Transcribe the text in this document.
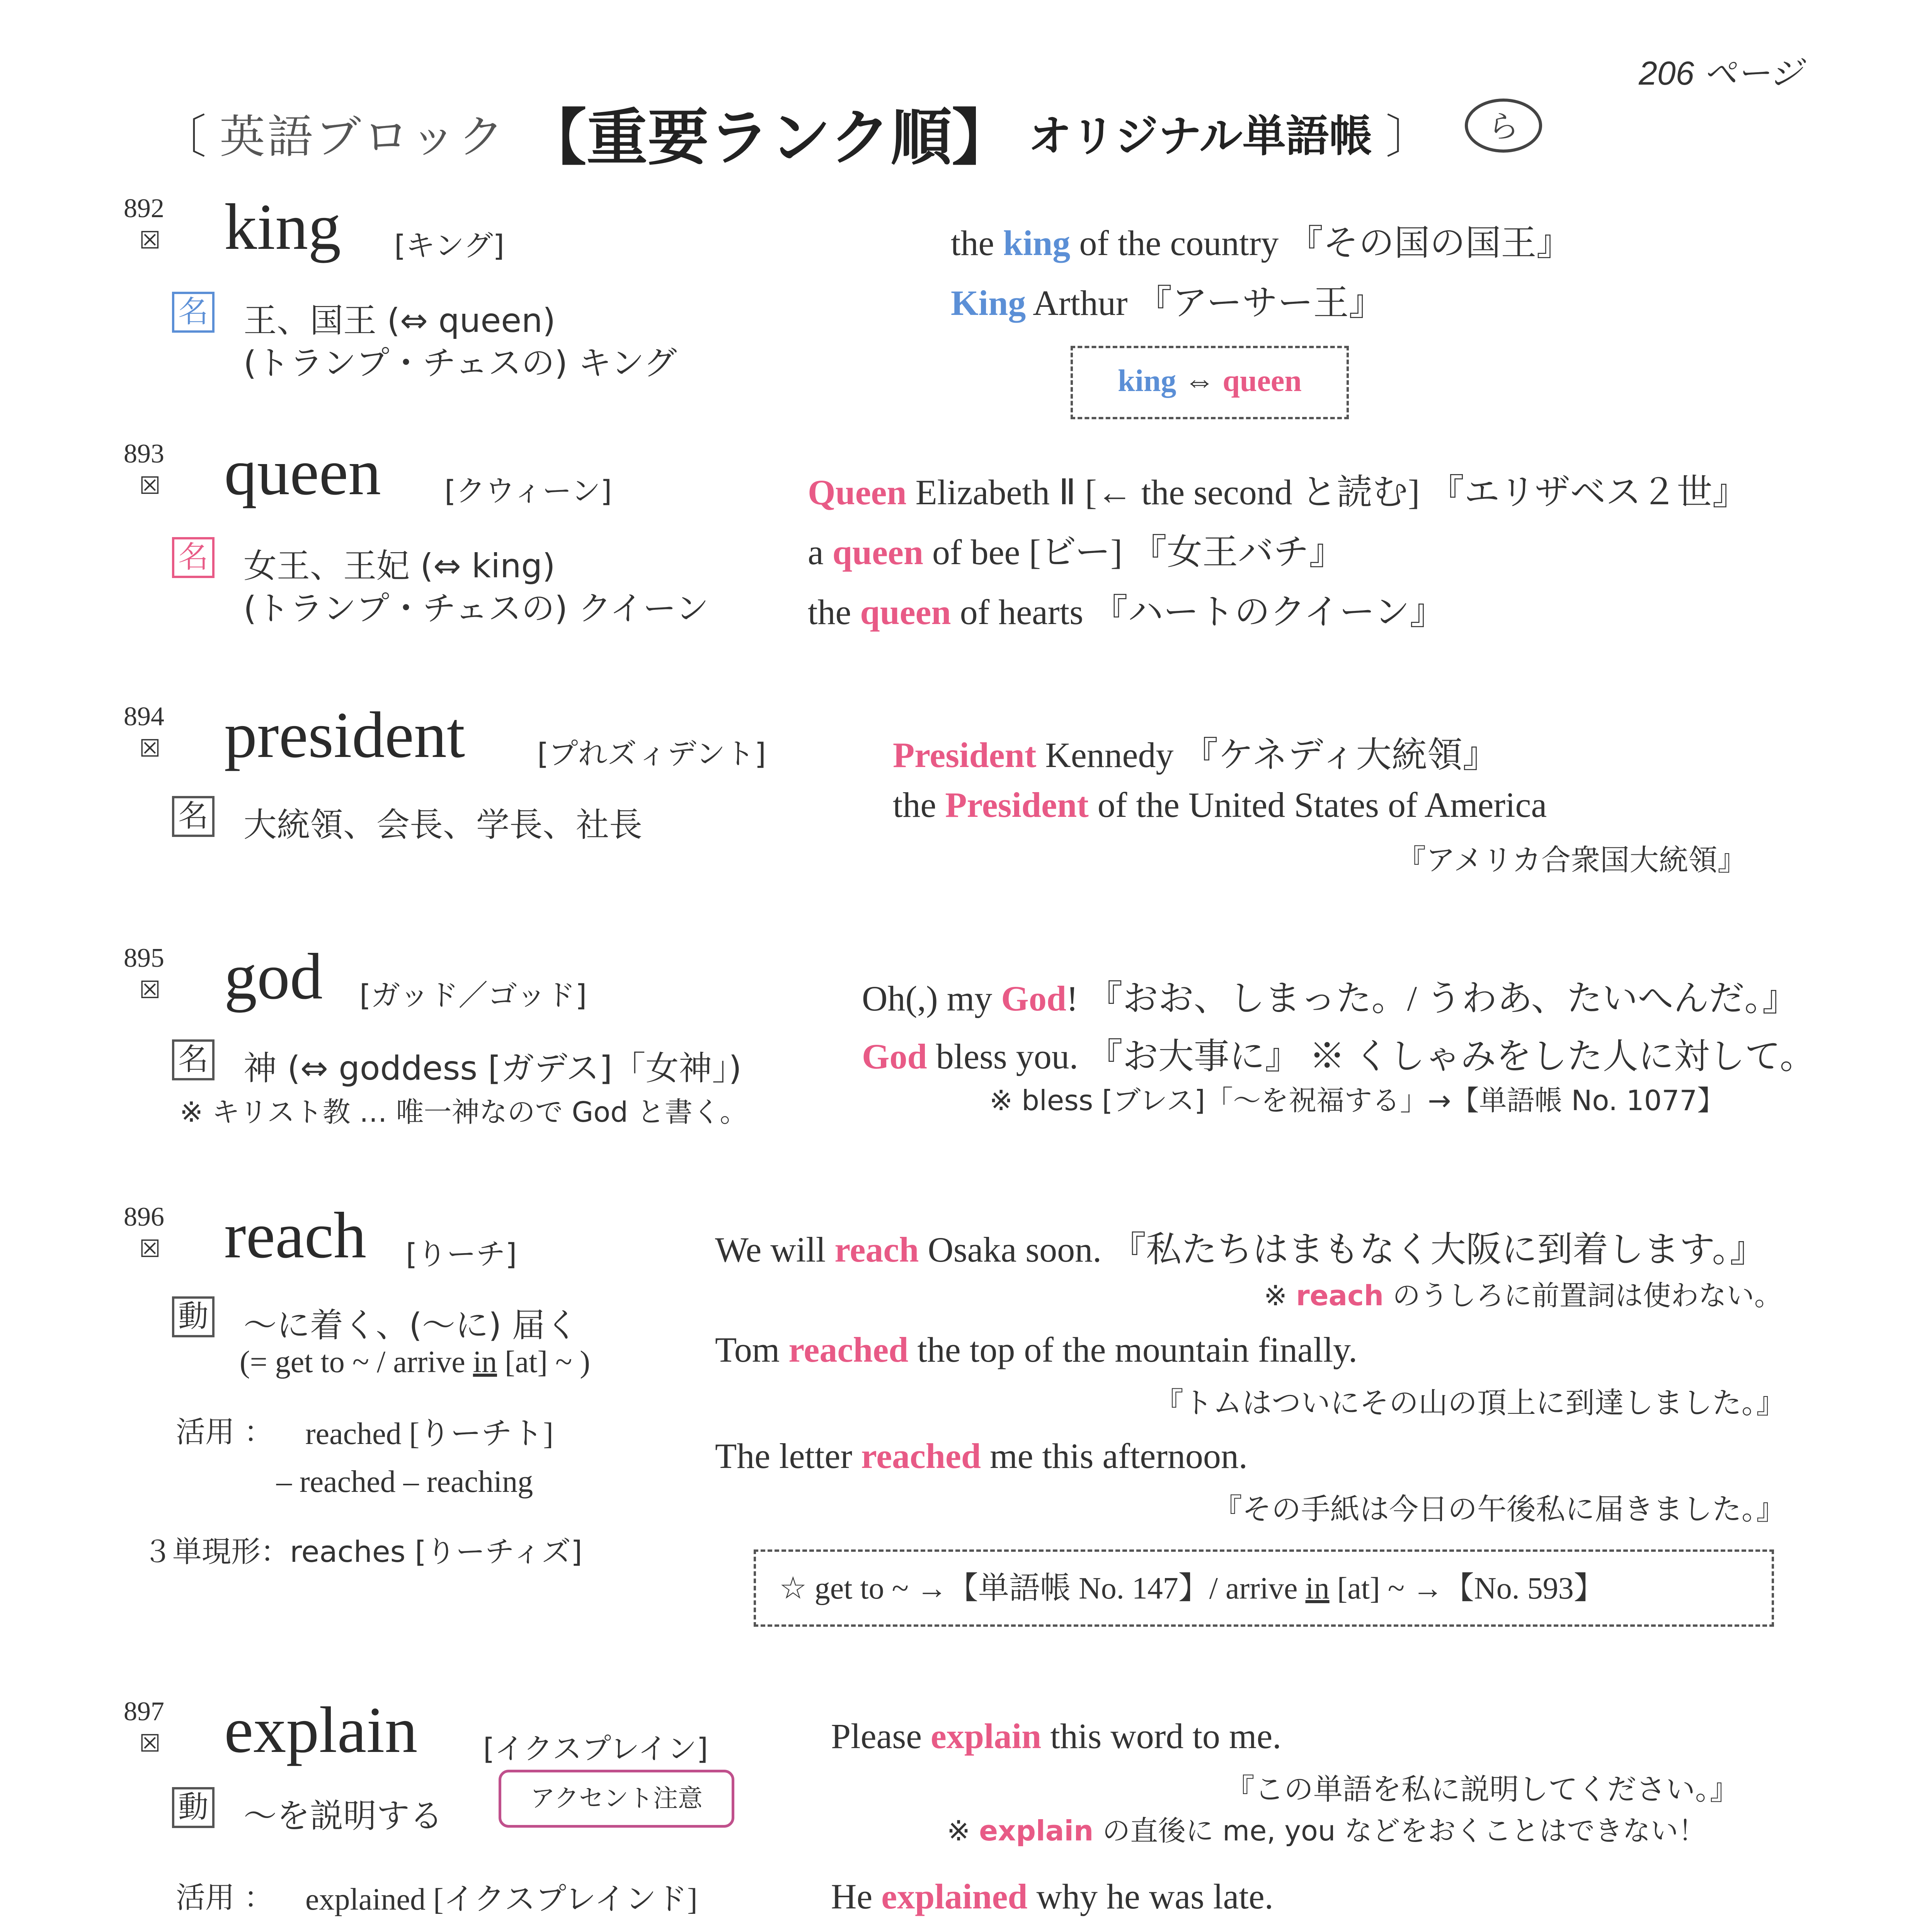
206 ページ
〔 英語ブロック 【重要ランク順】 オリジナル単語帳 〕	ら
892
☒ king [キング]
名 王、国王 (⇔ queen)
(トランプ・チェスの) キング
the king of the country 『その国の国王』
King Arthur 『アーサー王』
king ⇔ queen
893
☒ queen [クウィーン]
名 女王、王妃 (⇔ king)
(トランプ・チェスの) クイーン
Queen Elizabeth Ⅱ [← the second と読む] 『エリザベス２世』
a queen of bee [ビー] 『女王バチ』
the queen of hearts 『ハートのクイーン』
894
☒ president [プれズィデント]
名 大統領、会長、学長、社長
President Kennedy 『ケネディ大統領』
the President of the United States of America
『アメリカ合衆国大統領』
895
☒ god [ガッド／ゴッド]
名 神 (⇔ goddess [ガデス]「女神」)
※ キリスト教 … 唯一神なので God と書く。
Oh(,) my God! 『おお、しまった。/ うわあ、たいへんだ。』
God bless you. 『お大事に』 ※ くしゃみをした人に対して。
※ bless [ブレス]「～を祝福する」→【単語帳 No. 1077】
896
☒ reach [りーチ]
動 ～に着く、(～に) 届く
(= get to ~ / arrive in [at] ~ )
活用 ： reached [りーチト]
– reached – reaching
３単現形：reaches [りーチィズ]
We will reach Osaka soon. 『私たちはまもなく大阪に到着します。』
※ reach のうしろに前置詞は使わない。
Tom reached the top of the mountain finally.
『トムはついにその山の頂上に到達しました。』
The letter reached me this afternoon.
『その手紙は今日の午後私に届きました。』
☆ get to ~ →【単語帳 No. 147】/ arrive in [at] ~ →【No. 593】
897
☒ explain [イクスプレイン]
動 ～を説明する	アクセント注意
活用 ： explained [イクスプレインド]
Please explain this word to me.
『この単語を私に説明してください。』
※ explain の直後に me, you などをおくことはできない！
He explained why he was late.
